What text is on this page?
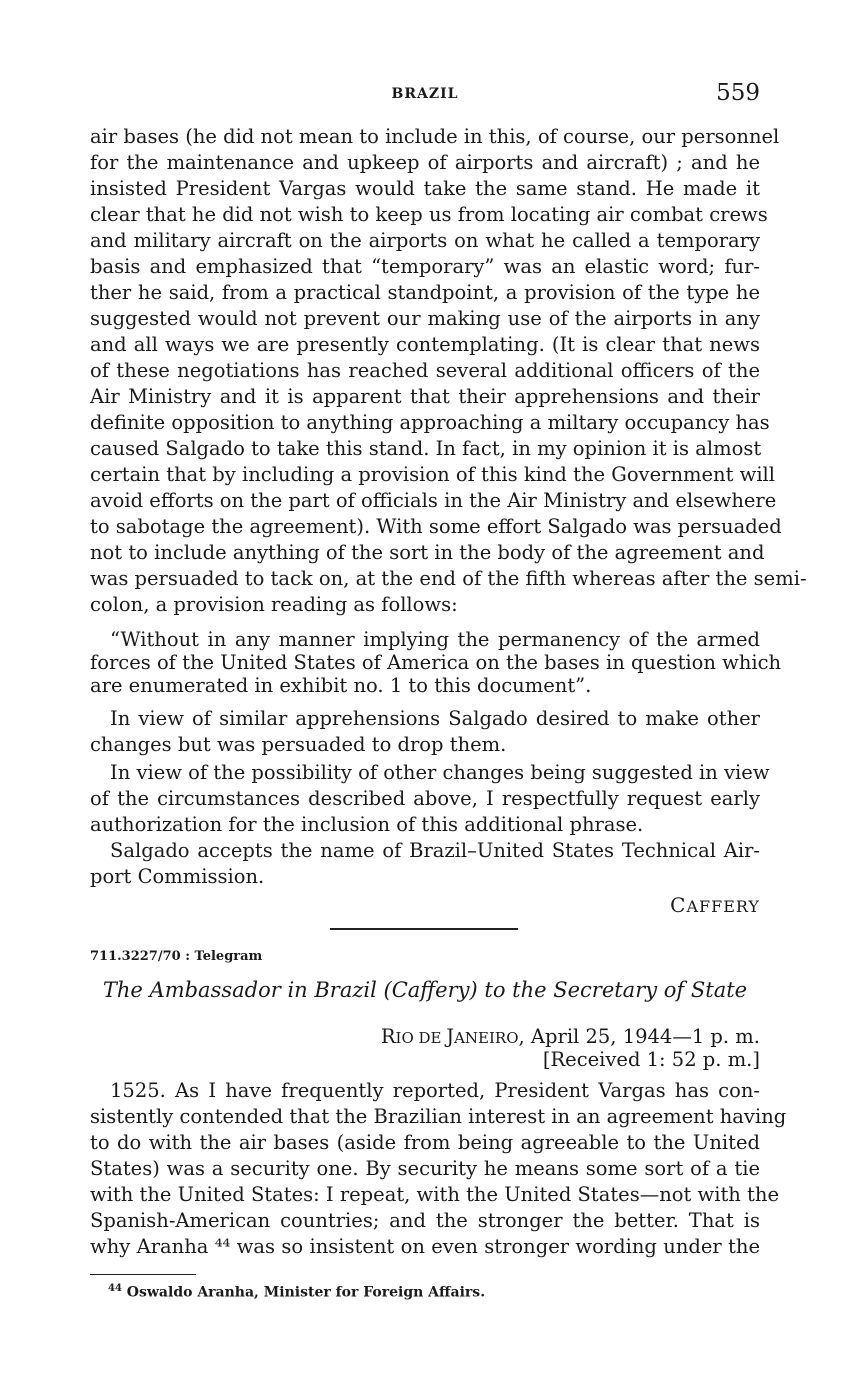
BRAZIL	559
air bases (he did not mean to include in this, of course, our personnel
for the maintenance and upkeep of airports and aircraft) ; and he
insisted President Vargas would take the same stand. He made it
clear that he did not wish to keep us from locating air combat crews
and military aircraft on the airports on what he called a temporary
basis and emphasized that “temporary” was an elastic word; fur-
ther he said, from a practical standpoint, a provision of the type he
suggested would not prevent our making use of the airports in any
and all ways we are presently contemplating. (It is clear that news
of these negotiations has reached several additional officers of the
Air Ministry and it is apparent that their apprehensions and their
definite opposition to anything approaching a miltary occupancy has
caused Salgado to take this stand. In fact, in my opinion it is almost
certain that by including a provision of this kind the Government will
avoid efforts on the part of officials in the Air Ministry and elsewhere
to sabotage the agreement). With some effort Salgado was persuaded
not to include anything of the sort in the body of the agreement and
was persuaded to tack on, at the end of the fifth whereas after the semi-
colon, a provision reading as follows:
“Without in any manner implying the permanency of the armed
forces of the United States of America on the bases in question which
are enumerated in exhibit no. 1 to this document”.
In view of similar apprehensions Salgado desired to make other
changes but was persuaded to drop them.
In view of the possibility of other changes being suggested in view
of the circumstances described above, I respectfully request early
authorization for the inclusion of this additional phrase.
Salgado accepts the name of Brazil–United States Technical Air-
port Commission.
CAFFERY
711.3227/70 : Telegram
The Ambassador in Brazil (Caffery) to the Secretary of State
RIO DE JANEIRO, April 25, 1944—1 p. m.
[Received 1: 52 p. m.]
1525. As I have frequently reported, President Vargas has con-
sistently contended that the Brazilian interest in an agreement having
to do with the air bases (aside from being agreeable to the United
States) was a security one. By security he means some sort of a tie
with the United States: I repeat, with the United States—not with the
Spanish-American countries; and the stronger the better. That is
why Aranha ⁴⁴ was so insistent on even stronger wording under the
$^{44}$ Oswaldo Aranha, Minister for Foreign Affairs.
